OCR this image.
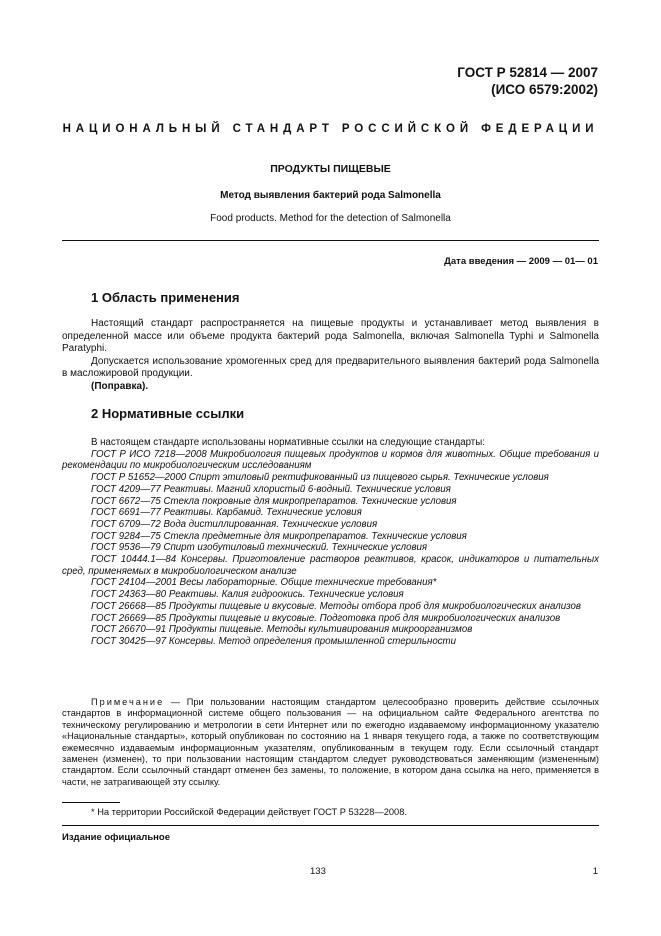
ГОСТ Р 52814 — 2007
(ИСО 6579:2002)
НАЦИОНАЛЬНЫЙ СТАНДАРТ РОССИЙСКОЙ ФЕДЕРАЦИИ
ПРОДУКТЫ ПИЩЕВЫЕ
Метод выявления бактерий рода Salmonella
Food products. Method for the detection of Salmonella
Дата введения — 2009 — 01— 01
1 Область применения

Настоящий стандарт распространяется на пищевые продукты и устанавливает метод выявления в определенной массе или объеме продукта бактерий рода Salmonella, включая Salmonella Typhi и Salmonella Paratyphi.

Допускается использование хромогенных сред для предварительного выявления бактерий рода Salmonella в масложировой продукции.

(Поправка).

2 Нормативные ссылки

В настоящем стандарте использованы нормативные ссылки на следующие стандарты:

ГОСТ Р ИСО 7218—2008 Микробиология пищевых продуктов и кормов для животных. Общие требования и рекомендации по микробиологическим исследованиям

ГОСТ Р 51652—2000 Спирт этиловый ректификованный из пищевого сырья. Технические условия

ГОСТ 4209—77 Реактивы. Магний хлористый 6-водный. Технические условия

ГОСТ 6672—75 Стекла покровные для микропрепаратов. Технические условия

ГОСТ 6691—77 Реактивы. Карбамид. Технические условия

ГОСТ 6709—72 Вода дистиллированная. Технические условия

ГОСТ 9284—75 Стекла предметные для микропрепаратов. Технические условия

ГОСТ 9536—79 Спирт изобутиловый технический. Технические условия

ГОСТ 10444.1—84 Консервы. Приготовление растворов реактивов, красок, индикаторов и питательных сред, применяемых в микробиологическом анализе

ГОСТ 24104—2001 Весы лабораторные. Общие технические требования*

ГОСТ 24363—80 Реактивы. Калия гидроокись. Технические условия

ГОСТ 26668—85 Продукты пищевые и вкусовые. Методы отбора проб для микробиологических анализов

ГОСТ 26669—85 Продукты пищевые и вкусовые. Подготовка проб для микробиологических анализов

ГОСТ 26670—91 Продукты пищевые. Методы культивирования микроорганизмов

ГОСТ 30425—97 Консервы. Метод определения промышленной стерильности

Примечание — При пользовании настоящим стандартом целесообразно проверить действие ссылочных стандартов в информационной системе общего пользования — на официальном сайте Федерального агентства по техническому регулированию и метрологии в сети Интернет или по ежегодно издаваемому информационному указателю «Национальные стандарты», который опубликован по состоянию на 1 января текущего года, а также по соответствующим ежемесячно издаваемым информационным указателям, опубликованным в текущем году. Если ссылочный стандарт заменен (изменен), то при пользовании настоящим стандартом следует руководствоваться заменяющим (измененным) стандартом. Если ссылочный стандарт отменен без замены, то положение, в котором дана ссылка на него, применяется в части, не затрагивающей эту ссылку.

* На территории Российской Федерации действует ГОСТ Р 53228—2008.
Издание официальное
133	1
